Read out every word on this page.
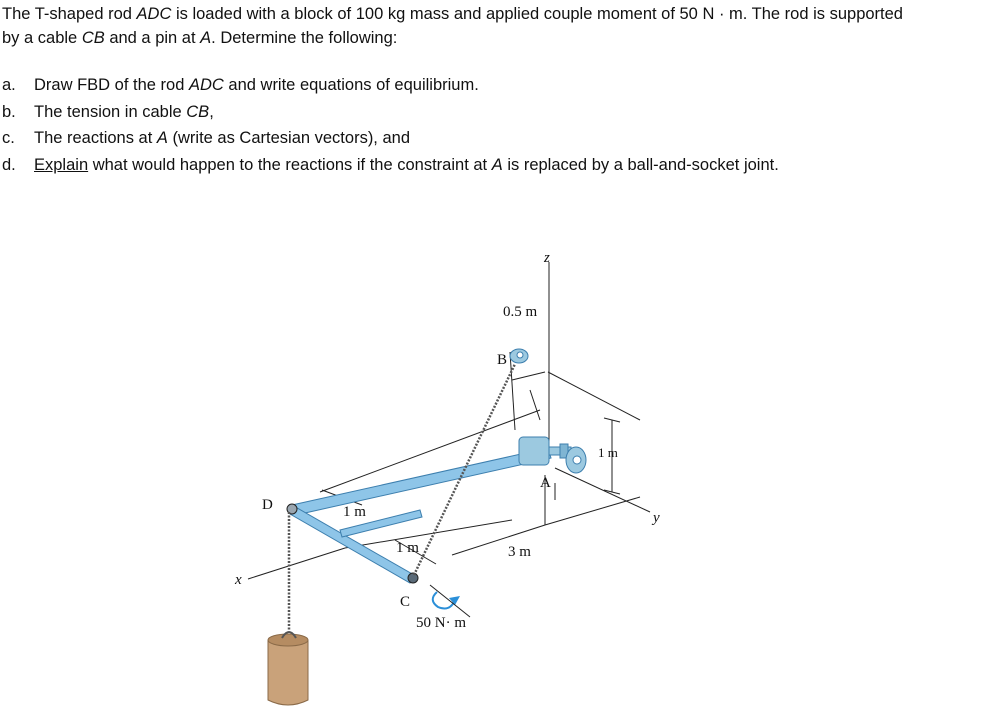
The T-shaped rod ADC is loaded with a block of 100 kg mass and applied couple moment of 50 N · m. The rod is supported

by a cable CB and a pin at A. Determine the following:

a.	Draw FBD of the rod ADC and write equations of equilibrium.
b.	The tension in cable CB,
c.	The reactions at A (write as Cartesian vectors), and
d.	Explain what would happen to the reactions if the constraint at A is replaced by a ball-and-socket joint.
z
y
x
B
A
C
D
0.5 m
1 m
1 m	3 m
1 m
50 N· m
